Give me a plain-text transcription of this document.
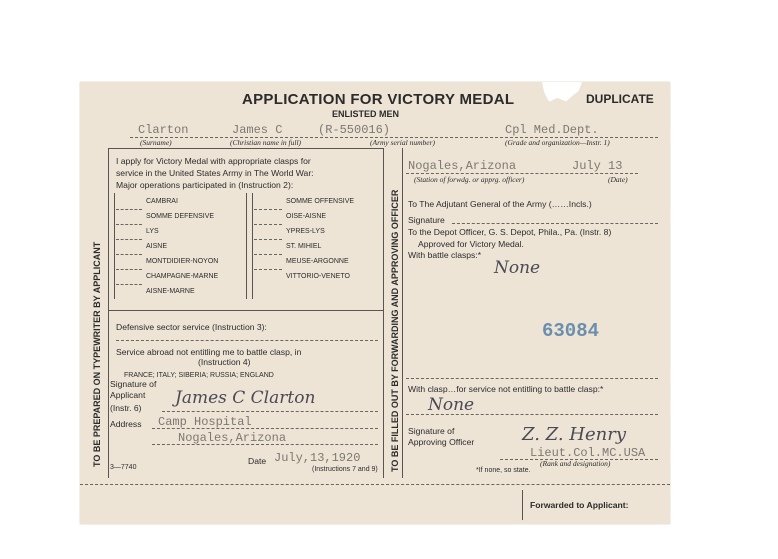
APPLICATION FOR VICTORY MEDAL	DUPLICATE
ENLISTED MEN
Clarton	James C	(R-550016)	Cpl Med.Dept.
(Surname)	(Christian name in full)	(Army serial number)	(Grade and organization—Instr. 1)
TO BE PREPARED ON TYPEWRITER BY APPLICANT	TO BE FILLED OUT BY FORWARDING AND APPROVING OFFICER
I apply for Victory Medal with appropriate clasps for
service in the United States Army in The World War:
Major operations participated in (Instruction 2):
CAMBRAI
SOMME DEFENSIVE
LYS
AISNE
MONTDIDIER-NOYON
CHAMPAGNE-MARNE
AISNE-MARNE
SOMME OFFENSIVE
OISE-AISNE
YPRES-LYS
ST. MIHIEL
MEUSE-ARGONNE
VITTORIO-VENETO
Defensive sector service (Instruction 3):
Service abroad not entitling me to battle clasp, in
(Instruction 4)
FRANCE; ITALY; SIBERIA; RUSSIA; ENGLAND
Signature of
Applicant
(Instr. 6) James C Clarton
Address Camp Hospital
Nogales,Arizona
Date July,13,1920
(Instructions 7 and 9)
3—7740
Nogales,Arizona	July 13
(Station of forwdg. or apprg. officer)	(Date)
To The Adjutant General of the Army (……Incls.)
Signature
To the Depot Officer, G. S. Depot, Phila., Pa. (Instr. 8)
Approved for Victory Medal.
With battle clasps:*
None
63084
With clasp…for service not entitling to battle clasp:*
None
Signature of
Approving Officer	Z. Z. Henry
Lieut.Col.MC.USA
(Rank and designation)
*If none, so state.
Forwarded to Applicant:
